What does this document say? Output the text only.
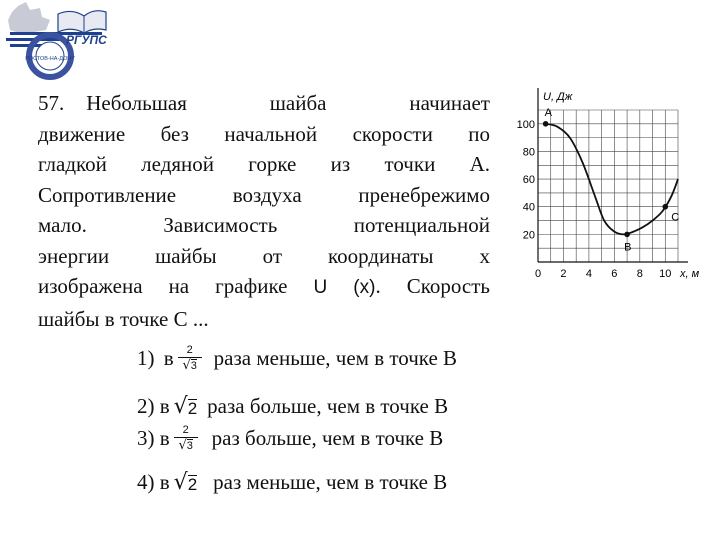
РОСТОВ-НА-ДОНУ
РГУПС
57. Небольшая шайба начинает
движение без начальной скорости по
гладкой ледяной горке из точки А.
Сопротивление воздуха пренебрежимо
мало. Зависимость потенциальной
энергии шайбы от координаты х
изображена на графике U (x). Скорость
шайбы в точке С ...
U, Дж
x, м
0 2 4 6 8 10
20
40
60
80
100
A
B
C
1)
в $\frac{2}{√ 3}$ раза меньше, чем в точке В
2)
в √ 2 раза больше, чем в точке В
3)
в $\frac{2}{√ 3}$ раз больше, чем в точке В
4)
в √ 2 раз меньше, чем в точке В
